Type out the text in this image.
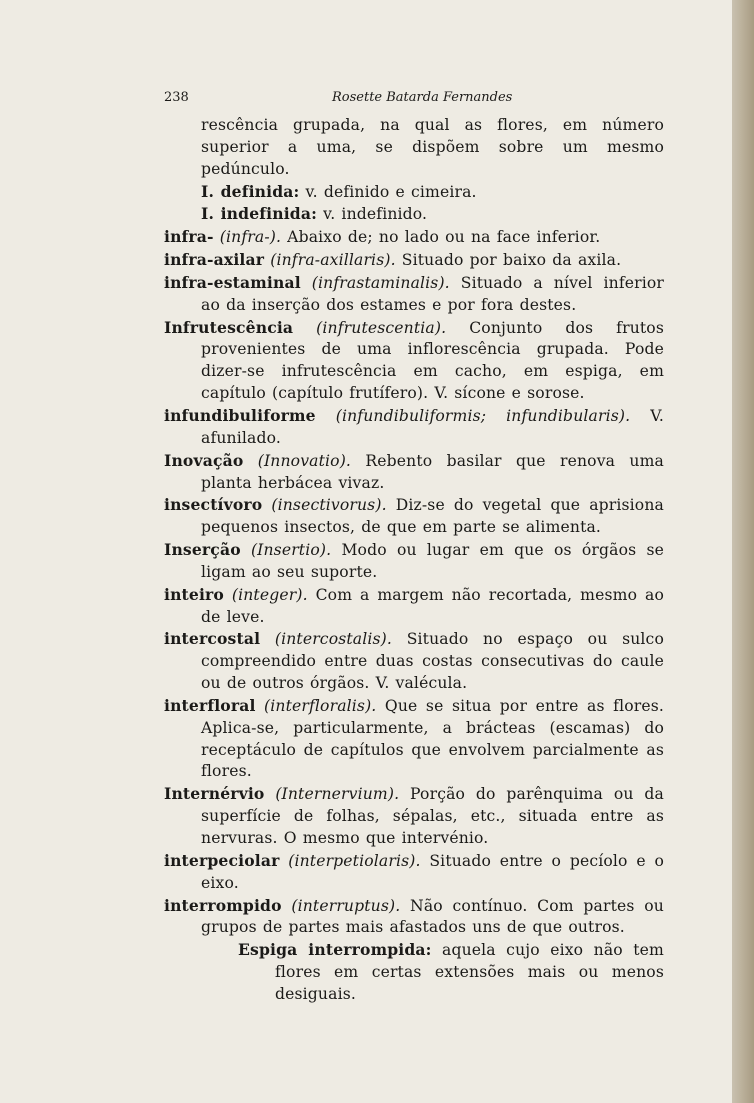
238	Rosette Batarda Fernandes
rescência grupada, na qual as flores, em número superior a uma, se dispõem sobre um mesmo pedúnculo.
I. definida: v. definido e cimeira.
I. indefinida: v. indefinido.
infra- (infra-). Abaixo de; no lado ou na face inferior.
infra-axilar (infra-axillaris). Situado por baixo da axila.
infra-estaminal (infrastaminalis). Situado a nível inferior ao da inserção dos estames e por fora destes.
Infrutescência (infrutescentia). Conjunto dos frutos provenientes de uma inflorescência grupada. Pode dizer-se infrutescência em cacho, em espiga, em capítulo (capítulo frutífero). V. sícone e sorose.
infundibuliforme (infundibuliformis; infundibularis). V. afunilado.
Inovação (Innovatio). Rebento basilar que renova uma planta herbácea vivaz.
insectívoro (insectivorus). Diz-se do vegetal que aprisiona pequenos insectos, de que em parte se alimenta.
Inserção (Insertio). Modo ou lugar em que os órgãos se ligam ao seu suporte.
inteiro (integer). Com a margem não recortada, mesmo ao de leve.
intercostal (intercostalis). Situado no espaço ou sulco compreendido entre duas costas consecutivas do caule ou de outros órgãos. V. valécula.
interfloral (interfloralis). Que se situa por entre as flores. Aplica-se, particularmente, a brácteas (escamas) do receptáculo de capítulos que envolvem parcialmente as flores.
Internérvio (Internervium). Porção do parênquima ou da superfície de folhas, sépalas, etc., situada entre as nervuras. O mesmo que intervénio.
interpeciolar (interpetiolaris). Situado entre o pecíolo e o eixo.
interrompido (interruptus). Não contínuo. Com partes ou grupos de partes mais afastados uns de que outros.
Espiga interrompida: aquela cujo eixo não tem flores em certas extensões mais ou menos desiguais.
